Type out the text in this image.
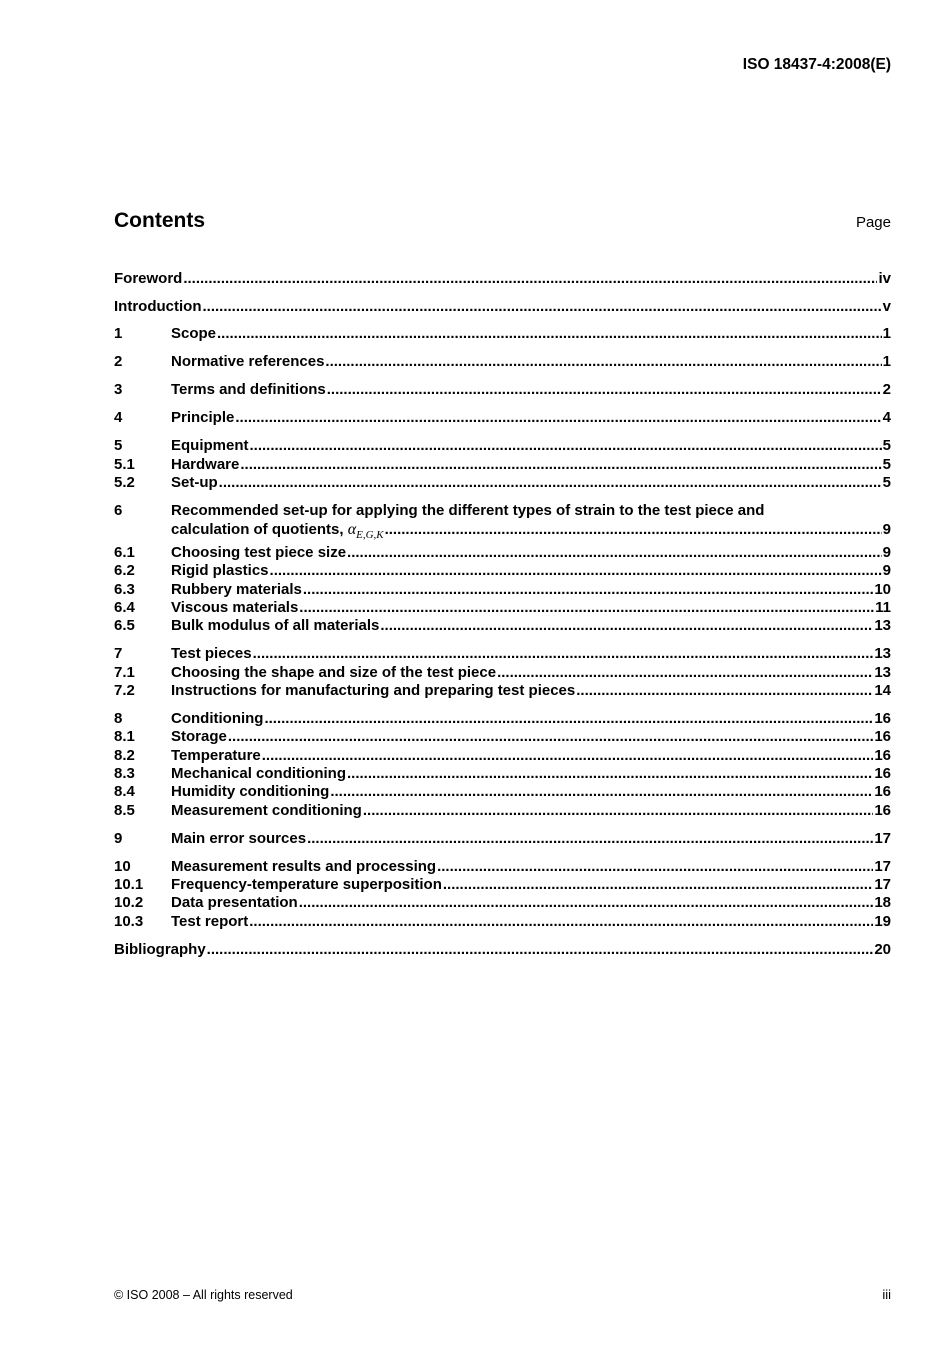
ISO 18437-4:2008(E)
Contents	Page
Foreword .....	iv
Introduction .....	v
1	Scope .....	1
2	Normative references .....	1
3	Terms and definitions .....	2
4	Principle .....	4
5	Equipment .....	5
5.1	Hardware .....	5
5.2	Set-up .....	5
6	Recommended set-up for applying the different types of strain to the test piece and
calculation of quotients, $\alpha_{E,G,K}$ .....	9
6.1	Choosing test piece size .....	9
6.2	Rigid plastics .....	9
6.3	Rubbery materials .....	10
6.4	Viscous materials .....	11
6.5	Bulk modulus of all materials .....	13
7	Test pieces .....	13
7.1	Choosing the shape and size of the test piece .....	13
7.2	Instructions for manufacturing and preparing test pieces .....	14
8	Conditioning .....	16
8.1	Storage .....	16
8.2	Temperature .....	16
8.3	Mechanical conditioning .....	16
8.4	Humidity conditioning .....	16
8.5	Measurement conditioning .....	16
9	Main error sources .....	17
10	Measurement results and processing .....	17
10.1	Frequency-temperature superposition .....	17
10.2	Data presentation .....	18
10.3	Test report .....	19
Bibliography .....	20
© ISO 2008 – All rights reserved	iii
